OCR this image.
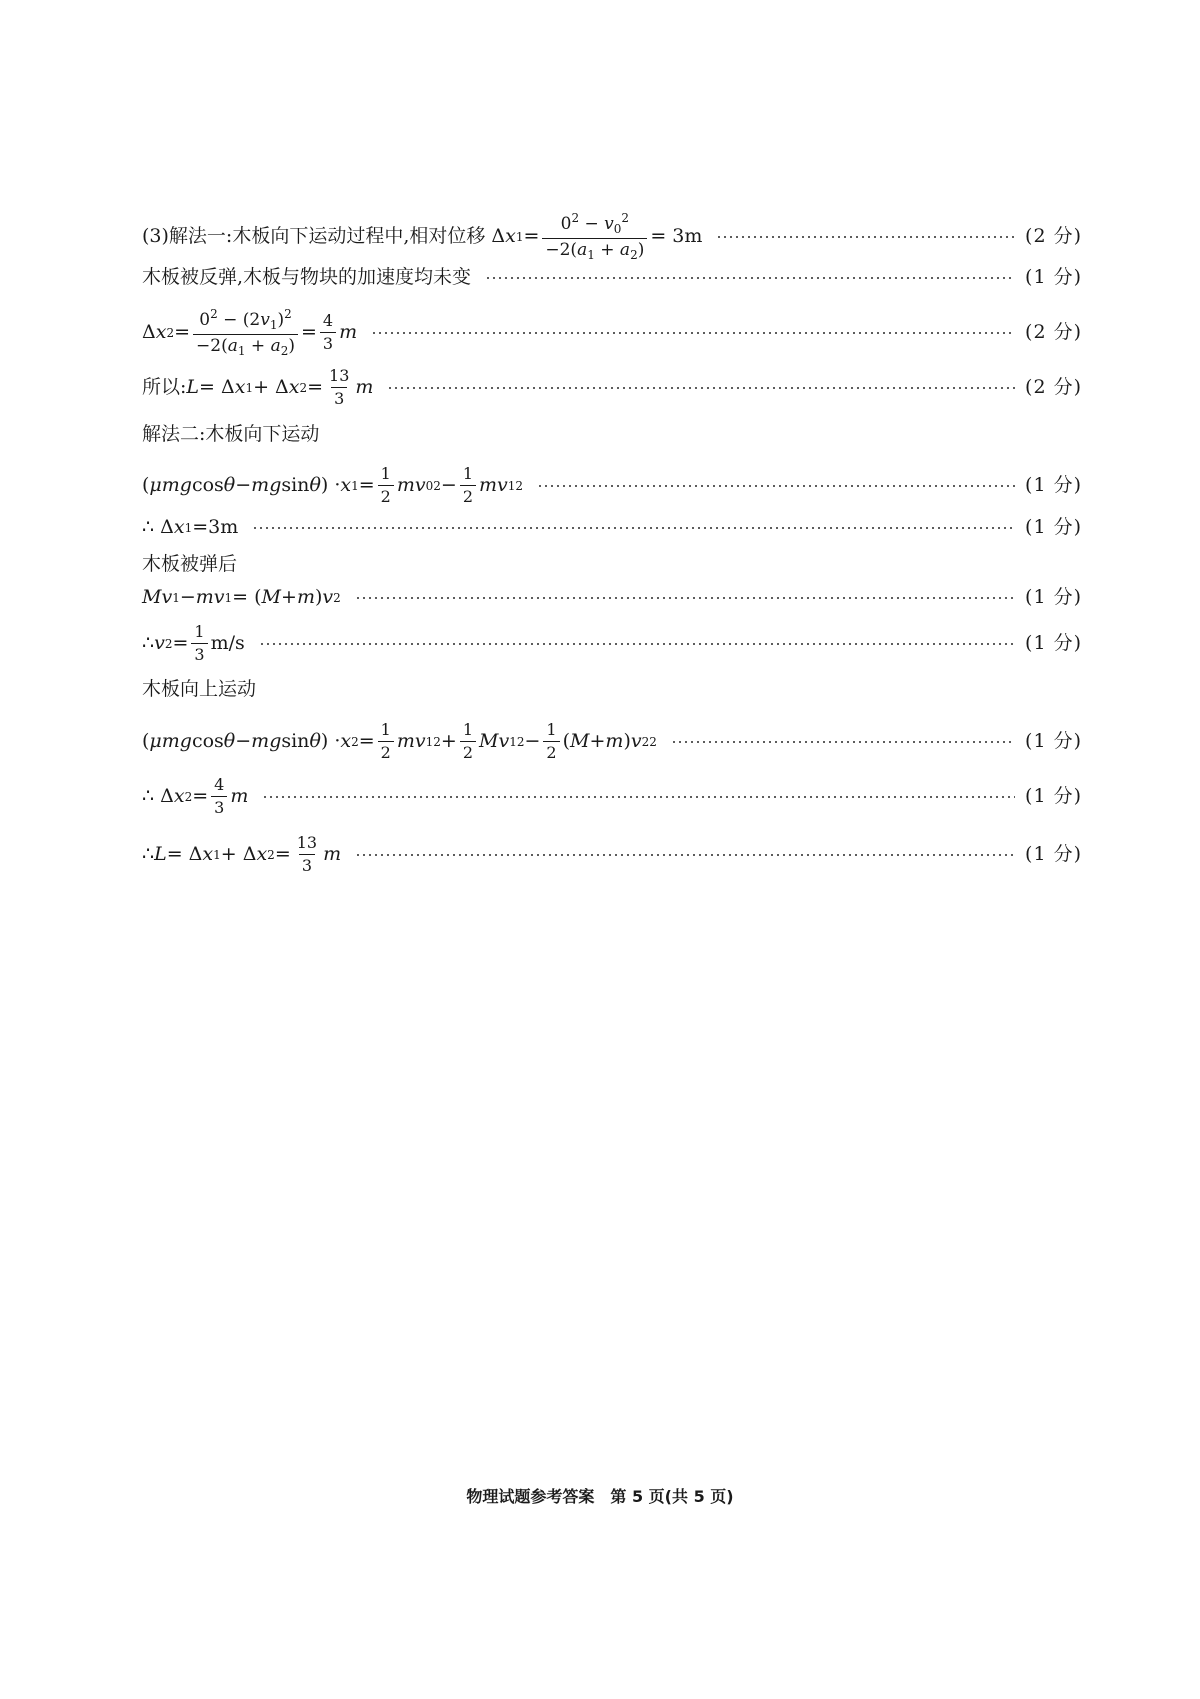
(3)解法一:木板向下运动过程中,相对位移 Δ x $1 = \frac{0^2 - v_0^2}{-2(a_1 + a_2)} = 3m$	(2 分)
木板被反弹,木板与物块的加速度均未变	(1 分)
Δ x $2 = \frac{0^2 - (2v_1)^2}{-2(a_1 + a_2)} = \frac{4}{3}$ m	(2 分)
所以: L = Δ x 1 + Δ x $2 = \frac{13}{3}$ m	(2 分)
解法二:木板向下运动
( μmg cos θ − mg sin θ ) · x $1 = \frac{1}{2}$ mv 0 $2 - \frac{1}{2}$ mv 1 2	(1 分)
∴ Δ x 1 = 3m	(1 分)
木板被弹后
Mv 1 − mv 1 = ( M + m ) v 2	(1 分)
∴ v $2 = \frac{1}{3} m/s$	(1 分)
木板向上运动
( μmg cos θ − mg sin θ ) · x $2 = \frac{1}{2}$ mv 1 $2 + \frac{1}{2}$ Mv 1 $2 - \frac{1}{2}$ ( M + m ) v 2 2	(1 分)
∴ Δ x $2 = \frac{4}{3}$ m	(1 分)
∴ L = Δ x 1 + Δ x $2 = \frac{13}{3}$ m	(1 分)
物理试题参考答案　第 5 页(共 5 页)
